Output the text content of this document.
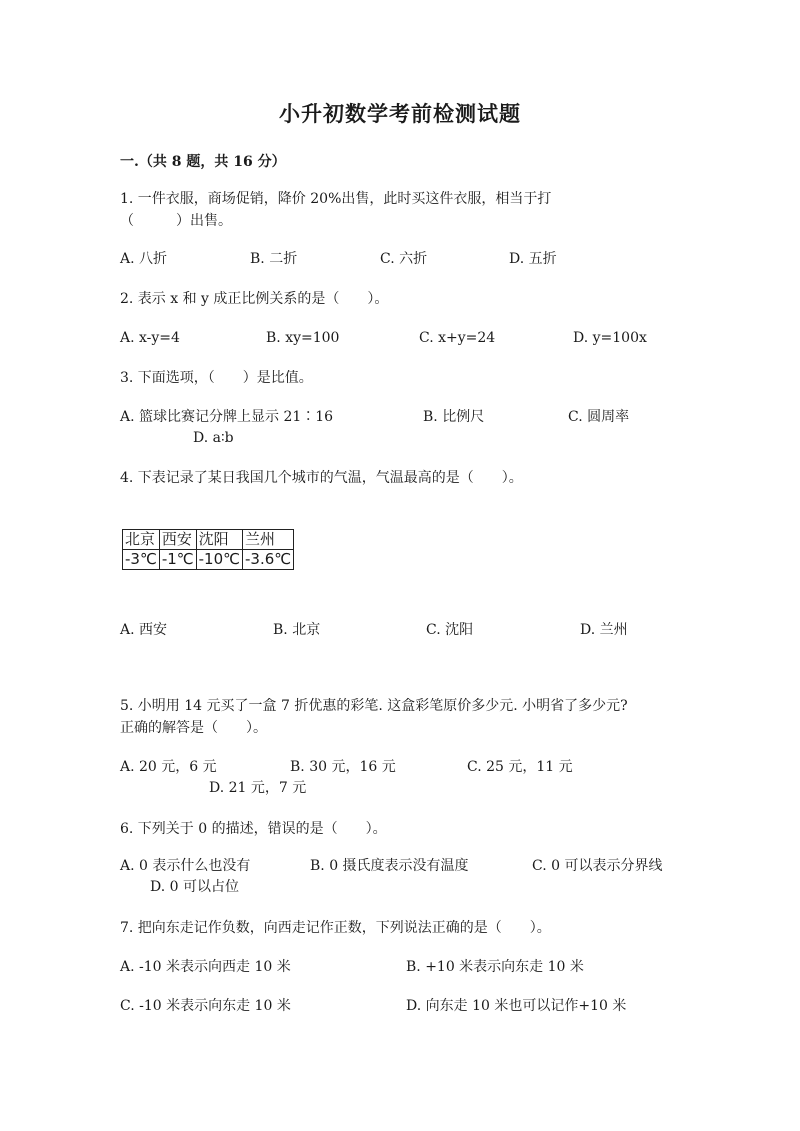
小升初数学考前检测试题
一.（共 8 题，共 16 分）
1. 一件衣服，商场促销，降价 20%出售，此时买这件衣服，相当于打
（　　　）出售。
A. 八折	B. 二折	C. 六折	D. 五折
2. 表示 x 和 y 成正比例关系的是（　　）。
A. x-y=4	B. xy=100	C. x+y=24	D. y=100x
3. 下面选项，（　　）是比值。
A. 篮球比赛记分牌上显示 21∶16	B. 比例尺	C. 圆周率
D. a∶b
4. 下表记录了某日我国几个城市的气温，气温最高的是（　　）。
北京	西安	沈阳	兰州
-3℃	-1℃	-10℃	-3.6℃
A. 西安	B. 北京	C. 沈阳	D. 兰州
5. 小明用 14 元买了一盒 7 折优惠的彩笔. 这盒彩笔原价多少元. 小明省了多少元?
正确的解答是（　　）。
A. 20 元，6 元	B. 30 元，16 元	C. 25 元，11 元
D. 21 元，7 元
6. 下列关于 0 的描述，错误的是（　　）。
A. 0 表示什么也没有	B. 0 摄氏度表示没有温度	C. 0 可以表示分界线
D. 0 可以占位
7. 把向东走记作负数，向西走记作正数，下列说法正确的是（　　）。
A. -10 米表示向西走 10 米	B. +10 米表示向东走 10 米
C. -10 米表示向东走 10 米	D. 向东走 10 米也可以记作+10 米
